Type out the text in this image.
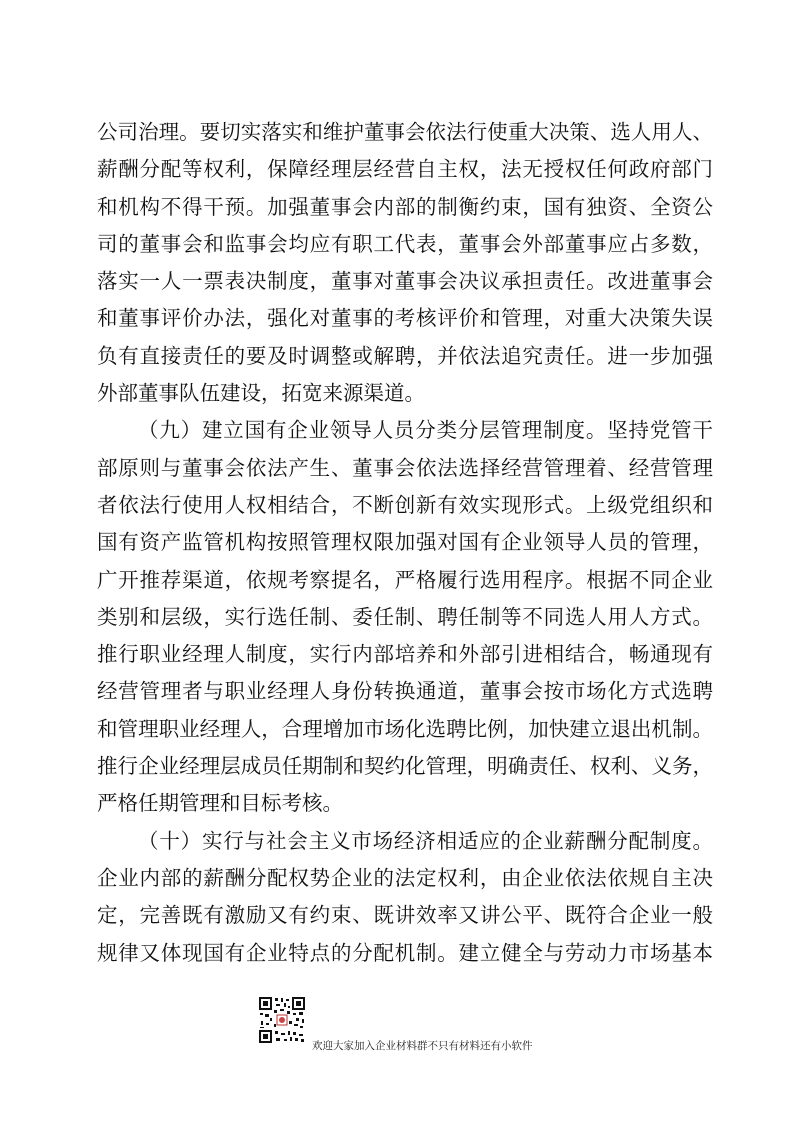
公司治理。要切实落实和维护董事会依法行使重大决策、选人用人、
薪酬分配等权利，保障经理层经营自主权，法无授权任何政府部门
和机构不得干预。加强董事会内部的制衡约束，国有独资、全资公
司的董事会和监事会均应有职工代表，董事会外部董事应占多数，
落实一人一票表决制度，董事对董事会决议承担责任。改进董事会
和董事评价办法，强化对董事的考核评价和管理，对重大决策失误
负有直接责任的要及时调整或解聘，并依法追究责任。进一步加强
外部董事队伍建设，拓宽来源渠道。
（九）建立国有企业领导人员分类分层管理制度。坚持党管干
部原则与董事会依法产生、董事会依法选择经营管理着、经营管理
者依法行使用人权相结合，不断创新有效实现形式。上级党组织和
国有资产监管机构按照管理权限加强对国有企业领导人员的管理，
广开推荐渠道，依规考察提名，严格履行选用程序。根据不同企业
类别和层级，实行选任制、委任制、聘任制等不同选人用人方式。
推行职业经理人制度，实行内部培养和外部引进相结合，畅通现有
经营管理者与职业经理人身份转换通道，董事会按市场化方式选聘
和管理职业经理人，合理增加市场化选聘比例，加快建立退出机制。
推行企业经理层成员任期制和契约化管理，明确责任、权利、义务，
严格任期管理和目标考核。
（十）实行与社会主义市场经济相适应的企业薪酬分配制度。
企业内部的薪酬分配权势企业的法定权利，由企业依法依规自主决
定，完善既有激励又有约束、既讲效率又讲公平、既符合企业一般
规律又体现国有企业特点的分配机制。建立健全与劳动力市场基本
欢迎大家加入企业材料群不只有材料还有小软件
